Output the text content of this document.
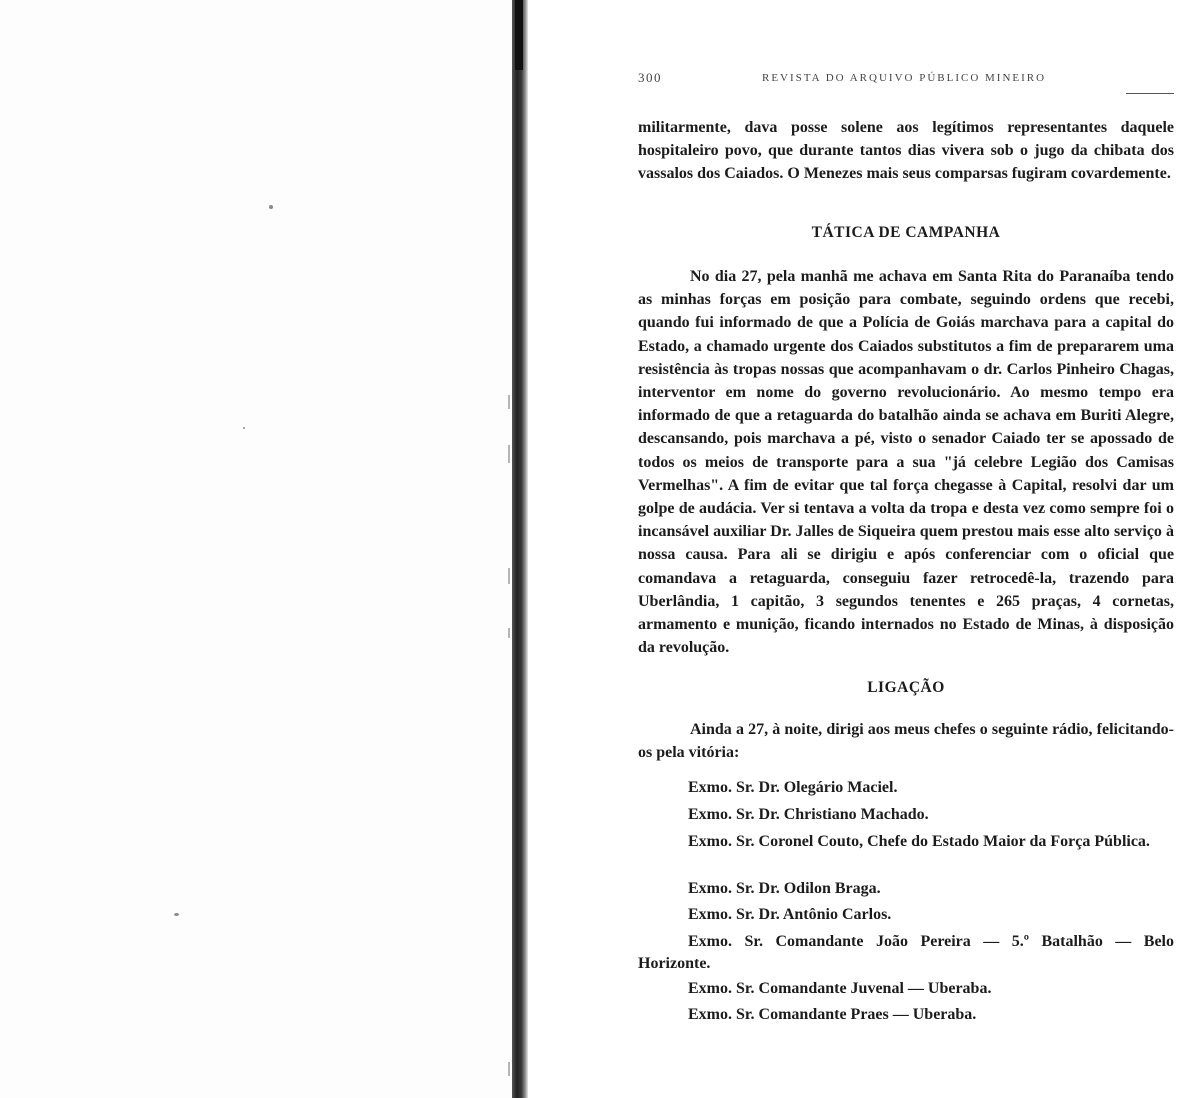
300	REVISTA DO ARQUIVO PÚBLICO MINEIRO

militarmente, dava posse solene aos legítimos representantes daquele hospitaleiro povo, que durante tantos dias vivera sob o jugo da chibata dos vassalos dos Caiados. O Menezes mais seus comparsas fugiram covardemente.

TÁTICA DE CAMPANHA

No dia 27, pela manhã me achava em Santa Rita do Paranaíba tendo as minhas forças em posição para combate, seguindo ordens que recebi, quando fui informado de que a Polícia de Goiás marchava para a capital do Estado, a chamado urgente dos Caiados substitutos a fim de prepararem uma resistência às tropas nossas que acompanhavam o dr. Carlos Pinheiro Chagas, interventor em nome do governo revolucionário. Ao mesmo tempo era informado de que a retaguarda do batalhão ainda se achava em Buriti Alegre, descansando, pois marchava a pé, visto o senador Caiado ter se apossado de todos os meios de transporte para a sua "já celebre Legião dos Camisas Vermelhas". A fim de evitar que tal força chegasse à Capital, resolvi dar um golpe de audácia. Ver si tentava a volta da tropa e desta vez como sempre foi o incansável auxiliar Dr. Jalles de Siqueira quem prestou mais esse alto serviço à nossa causa. Para ali se dirigiu e após conferenciar com o oficial que comandava a retaguarda, conseguiu fazer retrocedê-la, trazendo para Uberlândia, 1 capitão, 3 segundos tenentes e 265 praças, 4 cornetas, armamento e munição, ficando internados no Estado de Minas, à disposição da revolução.

LIGAÇÃO

Ainda a 27, à noite, dirigi aos meus chefes o seguinte rádio, felicitando-os pela vitória:

Exmo. Sr. Dr. Olegário Maciel.

Exmo. Sr. Dr. Christiano Machado.

Exmo. Sr. Coronel Couto, Chefe do Estado Maior da Força Pública.

Exmo. Sr. Dr. Odilon Braga.

Exmo. Sr. Dr. Antônio Carlos.

Exmo. Sr. Comandante João Pereira — 5.º Batalhão — Belo Horizonte.

Exmo. Sr. Comandante Juvenal — Uberaba.

Exmo. Sr. Comandante Praes — Uberaba.
